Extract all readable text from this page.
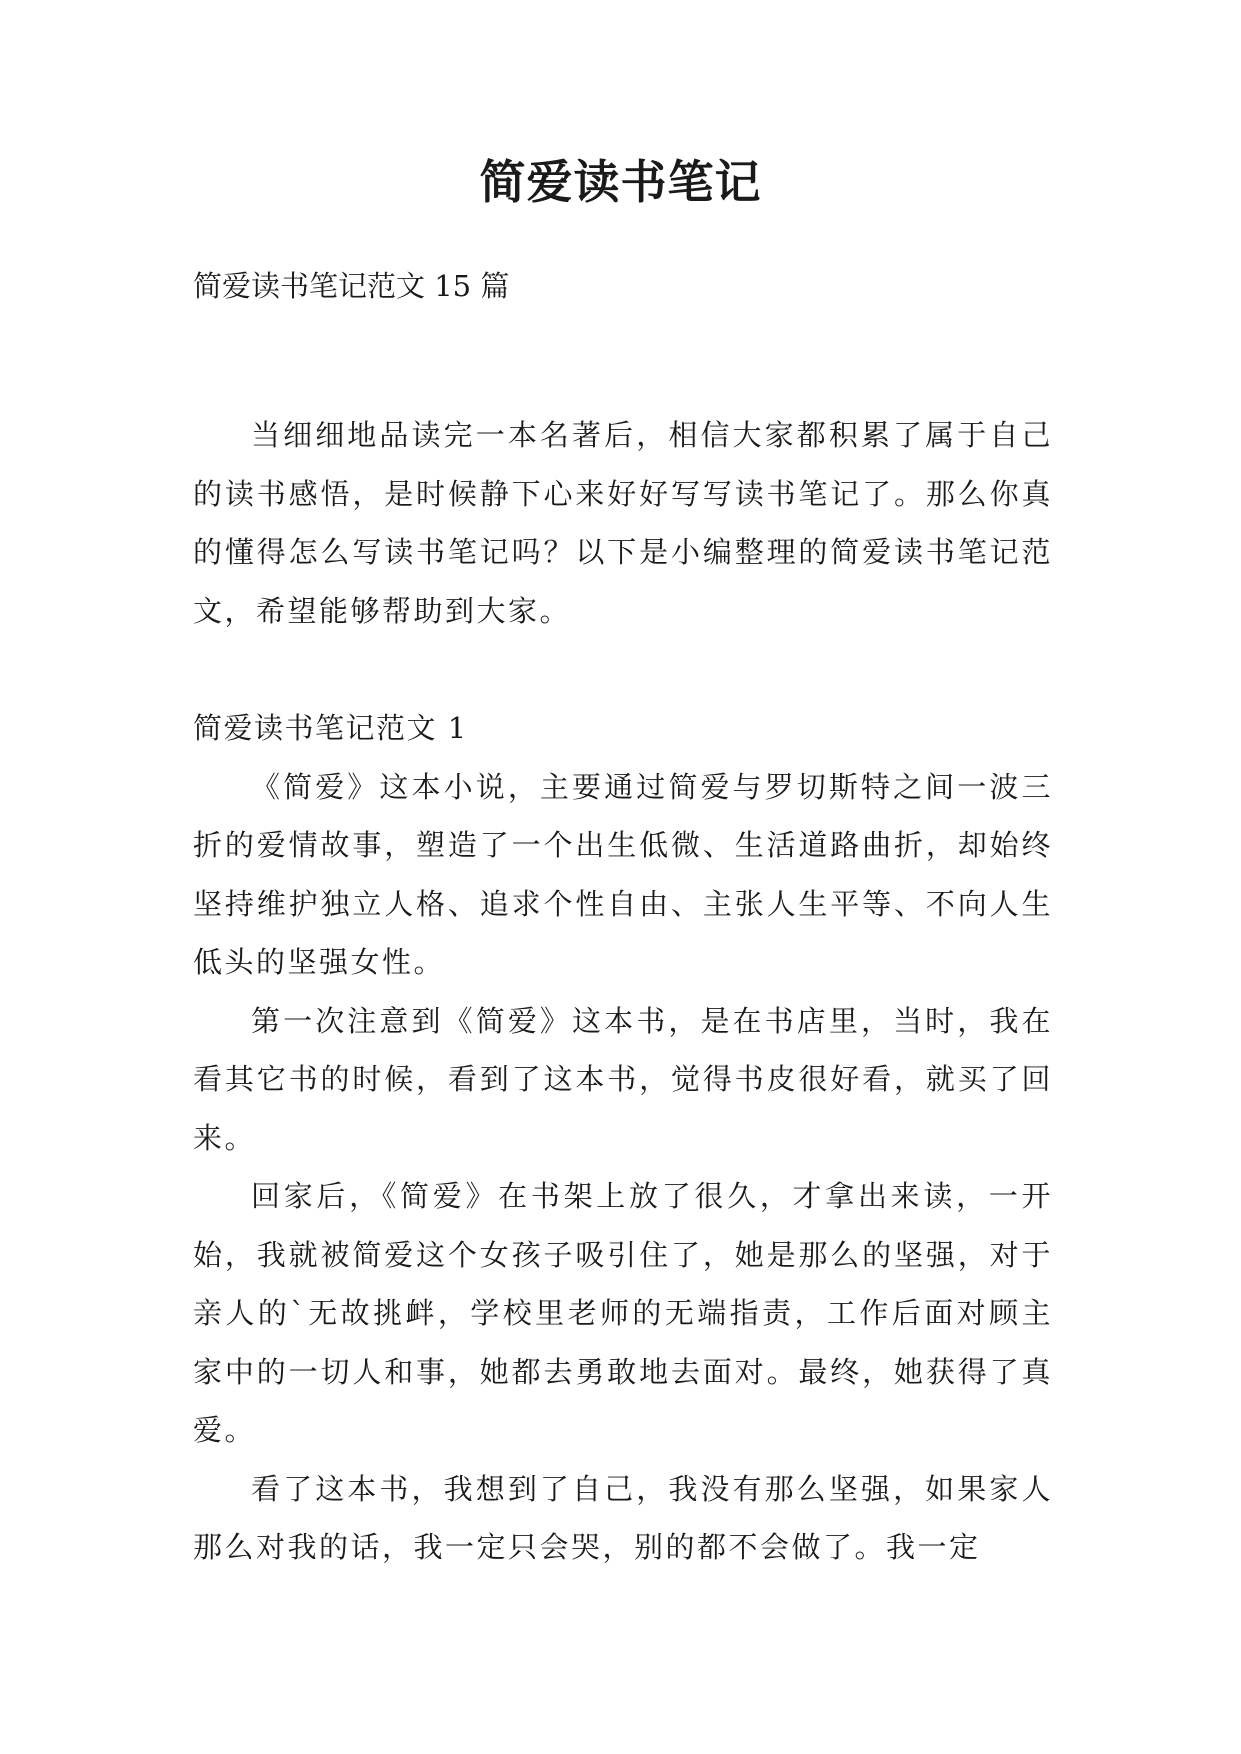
简爱读书笔记

简爱读书笔记范文 15 篇

当细细地品读完一本名著后，相信大家都积累了属于自己的读书感悟，是时候静下心来好好写写读书笔记了。那么你真的懂得怎么写读书笔记吗？以下是小编整理的简爱读书笔记范文，希望能够帮助到大家。

简爱读书笔记范文 1

《简爱》这本小说，主要通过简爱与罗切斯特之间一波三折的爱情故事，塑造了一个出生低微、生活道路曲折，却始终坚持维护独立人格、追求个性自由、主张人生平等、不向人生低头的坚强女性。

第一次注意到《简爱》这本书，是在书店里，当时，我在看其它书的时候，看到了这本书，觉得书皮很好看，就买了回来。

回家后，《简爱》在书架上放了很久，才拿出来读，一开始，我就被简爱这个女孩子吸引住了，她是那么的坚强，对于亲人的`无故挑衅，学校里老师的无端指责，工作后面对顾主家中的一切人和事，她都去勇敢地去面对。最终，她获得了真爱。

看了这本书，我想到了自己，我没有那么坚强，如果家人那么对我的话，我一定只会哭，别的都不会做了。我一定
